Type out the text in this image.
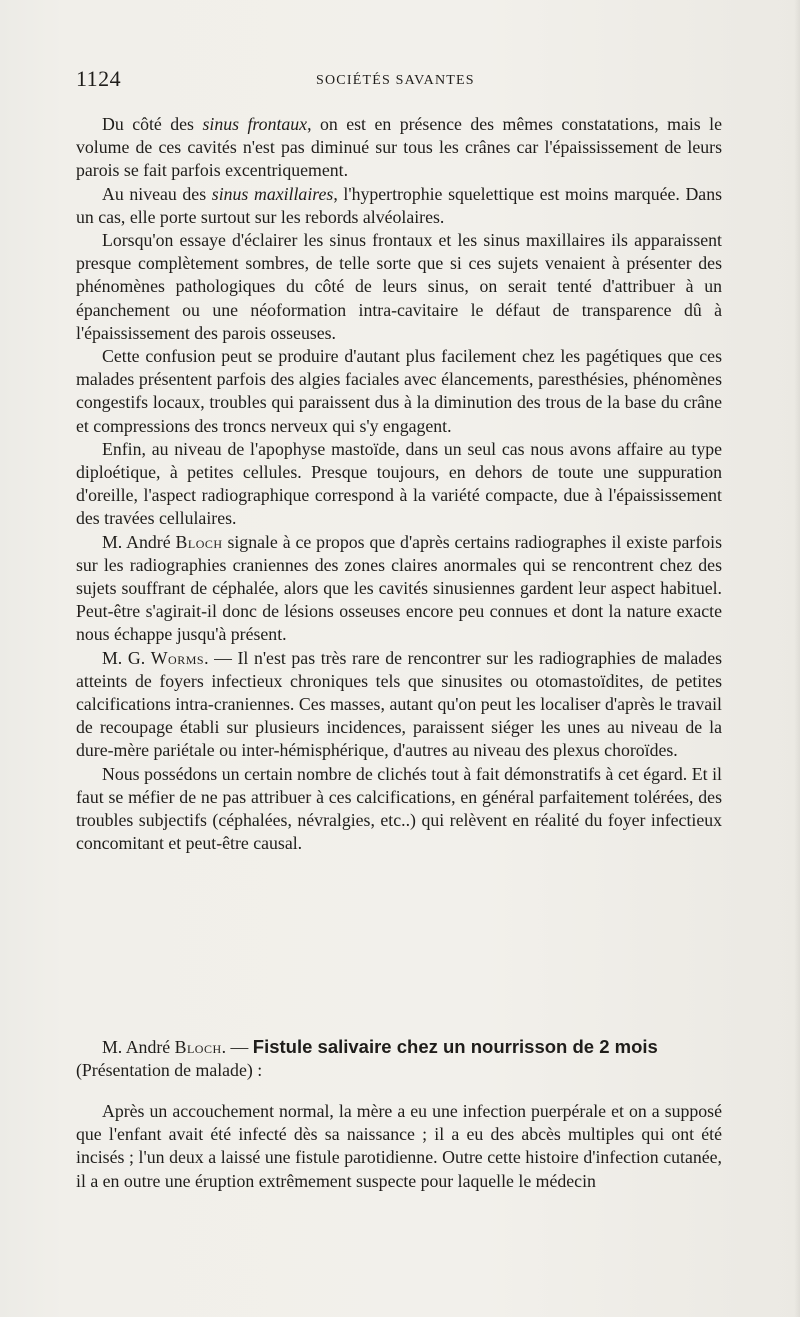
1124	SOCIÉTÉS SAVANTES

Du côté des sinus frontaux, on est en présence des mêmes constatations, mais le volume de ces cavités n'est pas diminué sur tous les crânes car l'épaississement de leurs parois se fait parfois excentriquement.

Au niveau des sinus maxillaires, l'hypertrophie squelettique est moins marquée. Dans un cas, elle porte surtout sur les rebords alvéolaires.

Lorsqu'on essaye d'éclairer les sinus frontaux et les sinus maxillaires ils apparaissent presque complètement sombres, de telle sorte que si ces sujets venaient à présenter des phénomènes pathologiques du côté de leurs sinus, on serait tenté d'attribuer à un épanchement ou une néoformation intra-cavitaire le défaut de transparence dû à l'épaississement des parois osseuses.

Cette confusion peut se produire d'autant plus facilement chez les pagétiques que ces malades présentent parfois des algies faciales avec élancements, paresthésies, phénomènes congestifs locaux, troubles qui paraissent dus à la diminution des trous de la base du crâne et compressions des troncs nerveux qui s'y engagent.

Enfin, au niveau de l'apophyse mastoïde, dans un seul cas nous avons affaire au type diploétique, à petites cellules. Presque toujours, en dehors de toute une suppuration d'oreille, l'aspect radiographique correspond à la variété compacte, due à l'épaississement des travées cellulaires.

M. André Bloch signale à ce propos que d'après certains radiographes il existe parfois sur les radiographies craniennes des zones claires anormales qui se rencontrent chez des sujets souffrant de céphalée, alors que les cavités sinusiennes gardent leur aspect habituel. Peut-être s'agirait-il donc de lésions osseuses encore peu connues et dont la nature exacte nous échappe jusqu'à présent.

M. G. Worms. — Il n'est pas très rare de rencontrer sur les radiographies de malades atteints de foyers infectieux chroniques tels que sinusites ou otomastoïdites, de petites calcifications intra-craniennes. Ces masses, autant qu'on peut les localiser d'après le travail de recoupage établi sur plusieurs incidences, paraissent siéger les unes au niveau de la dure-mère pariétale ou inter-hémisphérique, d'autres au niveau des plexus choroïdes.

Nous possédons un certain nombre de clichés tout à fait démonstratifs à cet égard. Et il faut se méfier de ne pas attribuer à ces calcifications, en général parfaitement tolérées, des troubles subjectifs (céphalées, névralgies, etc..) qui relèvent en réalité du foyer infectieux concomitant et peut-être causal.

M. André Bloch. — Fistule salivaire chez un nourrisson de 2 mois (Présentation de malade) :

Après un accouchement normal, la mère a eu une infection puerpérale et on a supposé que l'enfant avait été infecté dès sa naissance ; il a eu des abcès multiples qui ont été incisés ; l'un deux a laissé une fistule parotidienne. Outre cette histoire d'infection cutanée, il a en outre une éruption extrêmement suspecte pour laquelle le médecin
